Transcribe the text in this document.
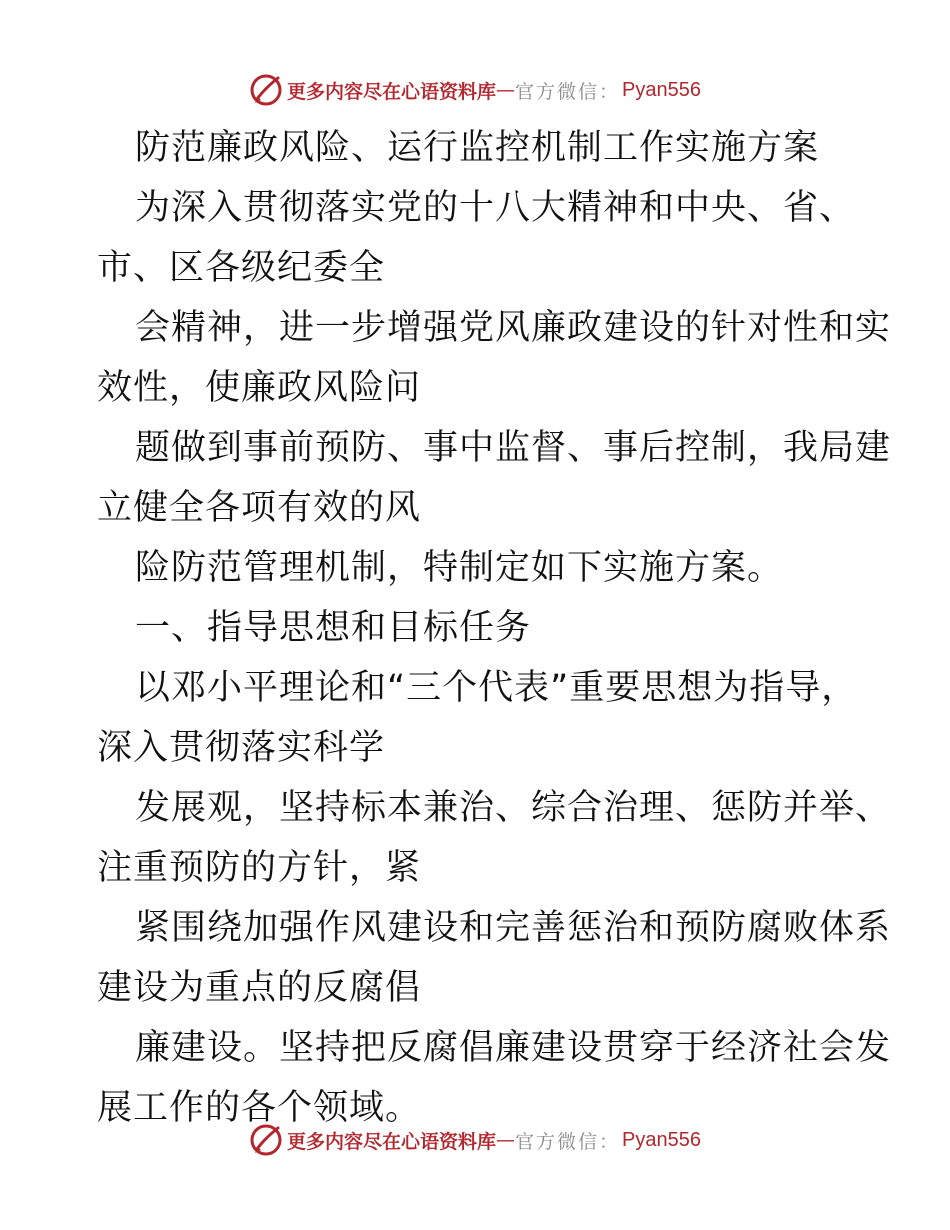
更多内容尽在心语资料库 — 官方微信： Pyan556
防范廉政风险、运行监控机制工作实施方案
为深入贯彻落实党的十八大精神和中央、省、
市、区各级纪委全
会精神，进一步增强党风廉政建设的针对性和实
效性，使廉政风险问
题做到事前预防、事中监督、事后控制，我局建
立健全各项有效的风
险防范管理机制，特制定如下实施方案。
一、指导思想和目标任务
以邓小平理论和“三个代表”重要思想为指导，
深入贯彻落实科学
发展观，坚持标本兼治、综合治理、惩防并举、
注重预防的方针，紧
紧围绕加强作风建设和完善惩治和预防腐败体系
建设为重点的反腐倡
廉建设。坚持把反腐倡廉建设贯穿于经济社会发
展工作的各个领域。
更多内容尽在心语资料库 — 官方微信： Pyan556
